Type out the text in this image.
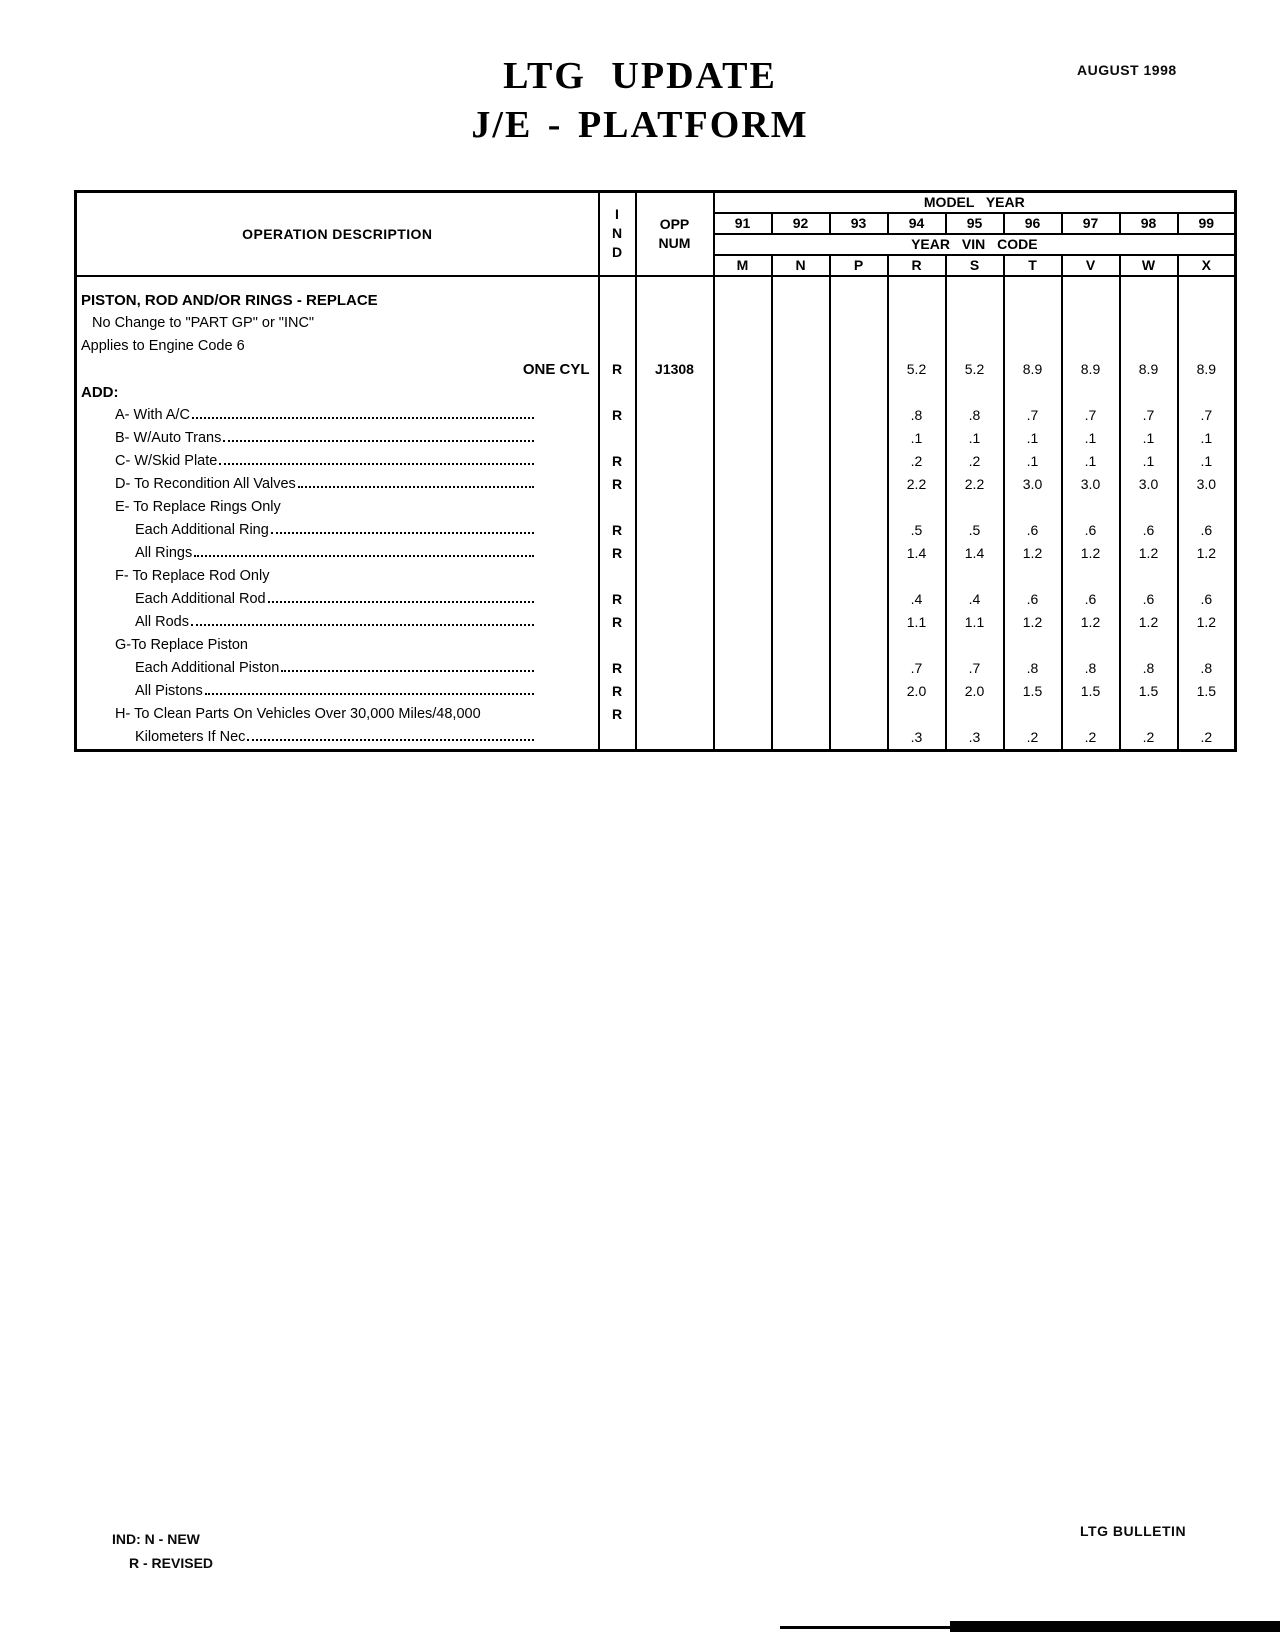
AUGUST 1998
LTG UPDATE
J/E - PLATFORM
OPERATION DESCRIPTION	I
N
D	OPP
NUM	MODEL YEAR								
			91	92	93	94	95	96	97	98	99
			YEAR VIN CODE								
			M	N	P	R	S	T	V	W	X

PISTON, ROD AND/OR RINGS - REPLACE											

No Change to "PART GP" or "INC"											

Applies to Engine Code 6											

ONE CYL	R	J1308				5.2	5.2	8.9	8.9	8.9	8.9

ADD:											

A- With A/C	R					.8	.8	.7	.7	.7	.7

B- W/Auto Trans						.1	.1	.1	.1	.1	.1

C- W/Skid Plate	R					.2	.2	.1	.1	.1	.1

D- To Recondition All Valves	R					2.2	2.2	3.0	3.0	3.0	3.0

E- To Replace Rings Only											

Each Additional Ring	R					.5	.5	.6	.6	.6	.6

All Rings	R					1.4	1.4	1.2	1.2	1.2	1.2

F- To Replace Rod Only											

Each Additional Rod	R					.4	.4	.6	.6	.6	.6

All Rods	R					1.1	1.1	1.2	1.2	1.2	1.2

G-To Replace Piston											

Each Additional Piston	R					.7	.7	.8	.8	.8	.8

All Pistons	R					2.0	2.0	1.5	1.5	1.5	1.5

H- To Clean Parts On Vehicles Over 30,000 Miles/48,000	R										

Kilometers If Nec						.3	.3	.2	.2	.2	.2
IND: N - NEW
R - REVISED
LTG BULLETIN
